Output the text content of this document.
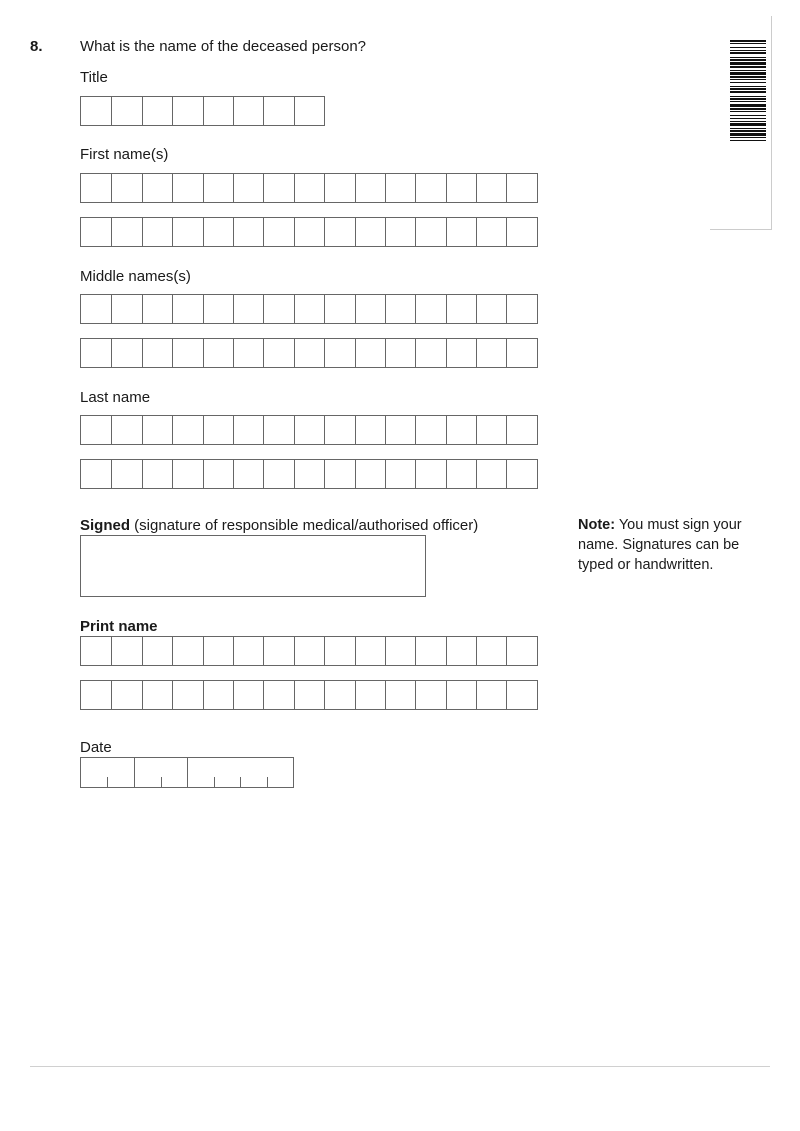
8. What is the name of the deceased person?
Title
First name(s)
Middle names(s)
Last name
Signed (signature of responsible medical/authorised officer)	Note: You must sign your name. Signatures can be typed or handwritten.
Print name
Date
